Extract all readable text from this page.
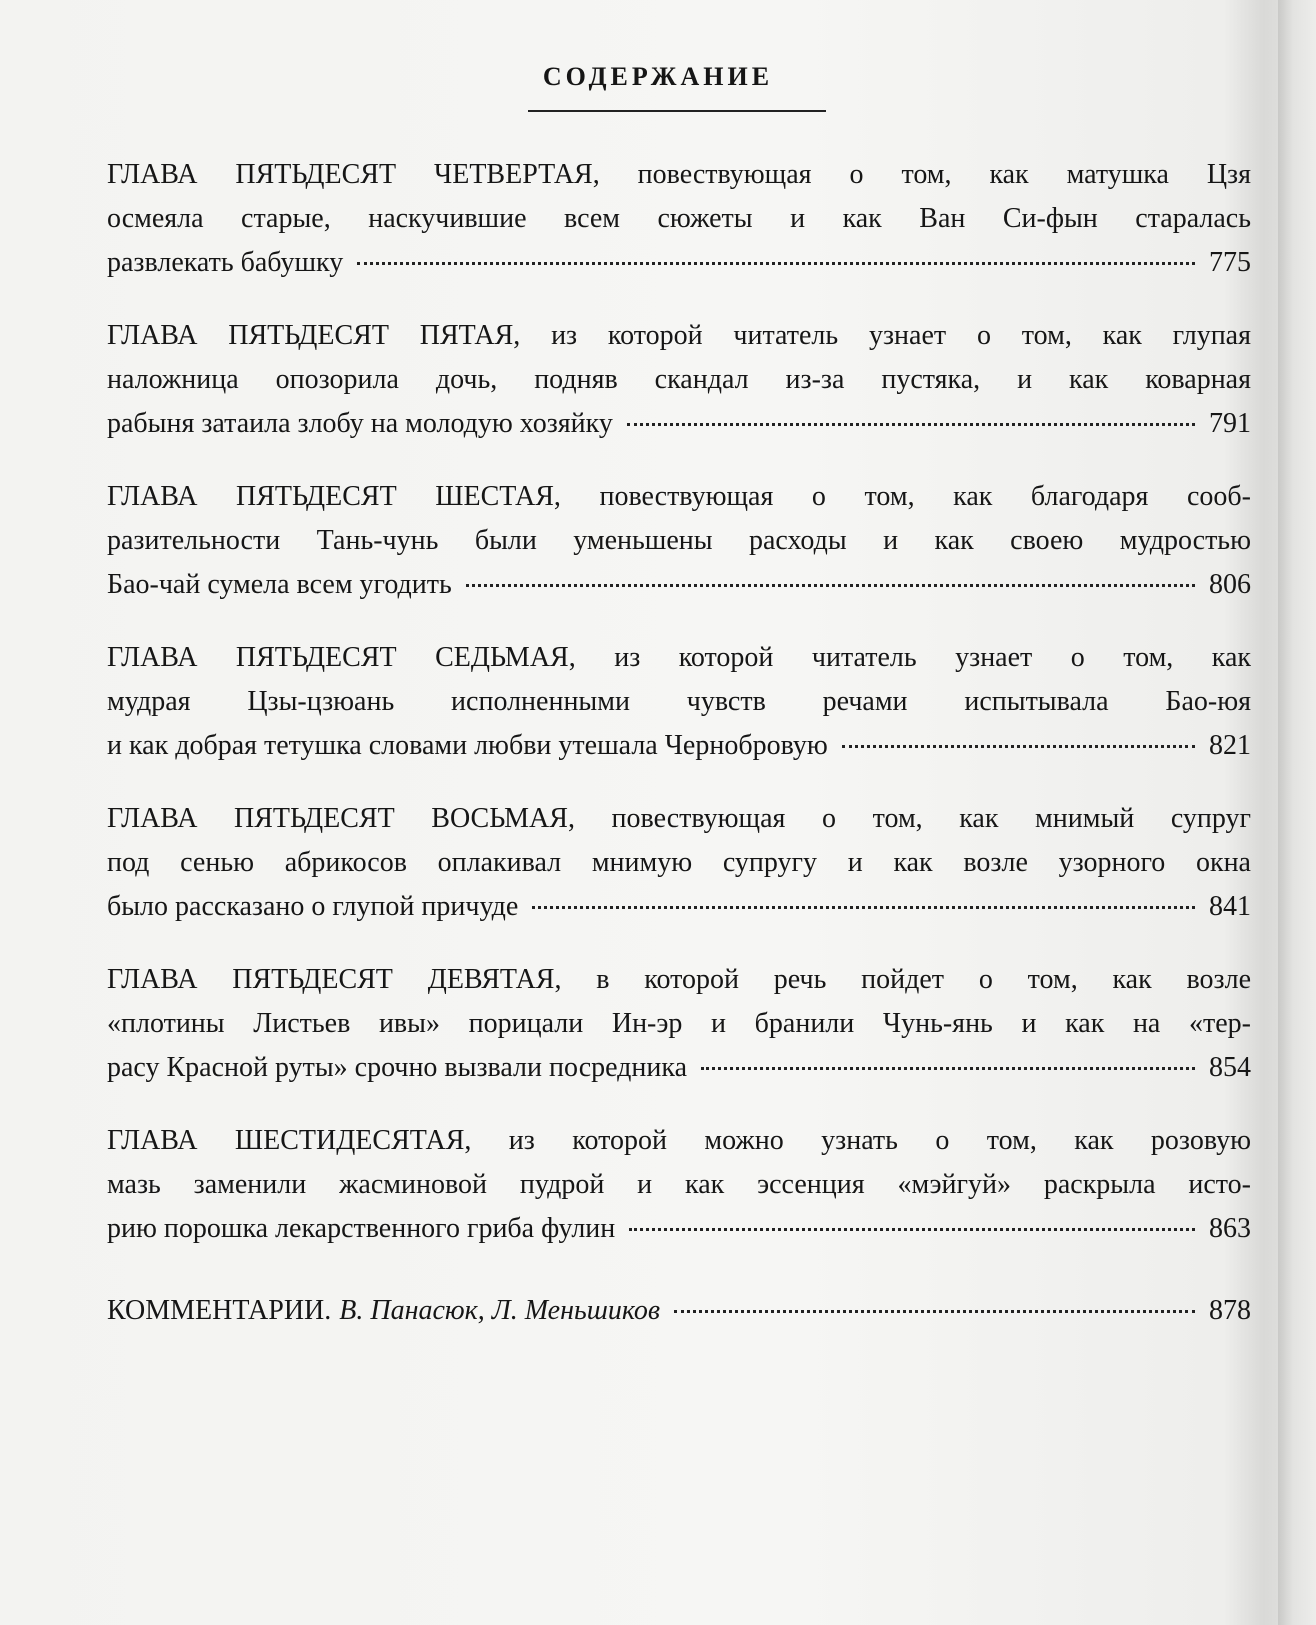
СОДЕРЖАНИЕ
ГЛАВА ПЯТЬДЕСЯТ ЧЕТВЕРТАЯ, повествующая о том, как матушка Цзя
осмеяла старые, наскучившие всем сюжеты и как Ван Си-фын старалась
развлекать бабушку	775
ГЛАВА ПЯТЬДЕСЯТ ПЯТАЯ, из которой читатель узнает о том, как глупая
наложница опозорила дочь, подняв скандал из-за пустяка, и как коварная
рабыня затаила злобу на молодую хозяйку	791
ГЛАВА ПЯТЬДЕСЯТ ШЕСТАЯ, повествующая о том, как благодаря сооб-
разительности Тань-чунь были уменьшены расходы и как своею мудростью
Бао-чай сумела всем угодить	806
ГЛАВА ПЯТЬДЕСЯТ СЕДЬМАЯ, из которой читатель узнает о том, как
мудрая Цзы-цзюань исполненными чувств речами испытывала Бао-юя
и как добрая тетушка словами любви утешала Чернобровую	821
ГЛАВА ПЯТЬДЕСЯТ ВОСЬМАЯ, повествующая о том, как мнимый супруг
под сенью абрикосов оплакивал мнимую супругу и как возле узорного окна
было рассказано о глупой причуде	841
ГЛАВА ПЯТЬДЕСЯТ ДЕВЯТАЯ, в которой речь пойдет о том, как возле
«плотины Листьев ивы» порицали Ин-эр и бранили Чунь-янь и как на «тер-
расу Красной руты» срочно вызвали посредника	854
ГЛАВА ШЕСТИДЕСЯТАЯ, из которой можно узнать о том, как розовую
мазь заменили жасминовой пудрой и как эссенция «мэйгуй» раскрыла исто-
рию порошка лекарственного гриба фулин	863
КОММЕНТАРИИ. В. Панасюк, Л. Меньшиков	878
